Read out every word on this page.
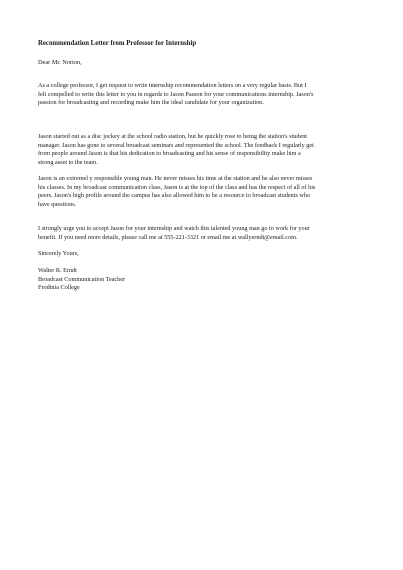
Recommendation Letter from Professor for Internship
Dear Mr. Norton,
As a college professor, I get request to write internship recommendation letters on a very regular basis. But I
felt compelled to write this letter to you in regards to Jason Passon for your communications internship. Jason's
passion for broadcasting and recording make him the ideal candidate for your organization.
Jason started out as a disc jockey at the school radio station, but he quickly rose to being the station's student
manager. Jason has gone to several broadcast seminars and represented the school. The feedback I regularly get
from people around Jason is that his dedication to broadcasting and his sense of responsibility make him a
strong asset to the team.
Jason is an extremel y responsible young man. He never misses his time at the station and he also never misses
his classes. In my broadcast communication class, Jason is at the top of the class and has the respect of all of his
peers. Jason's high profile around the campus has also allowed him to be a resource to broadcast students who
have questions.
I strongly urge you to accept Jason for your internship and watch this talented young man go to work for your
benefit. If you need more details, please call me at 555-221-3321 or email me at wallyerndt@email.com.
Sincerely Yours,
Walter R. Erndt
Broadcast Communication Teacher
Frodinia College
